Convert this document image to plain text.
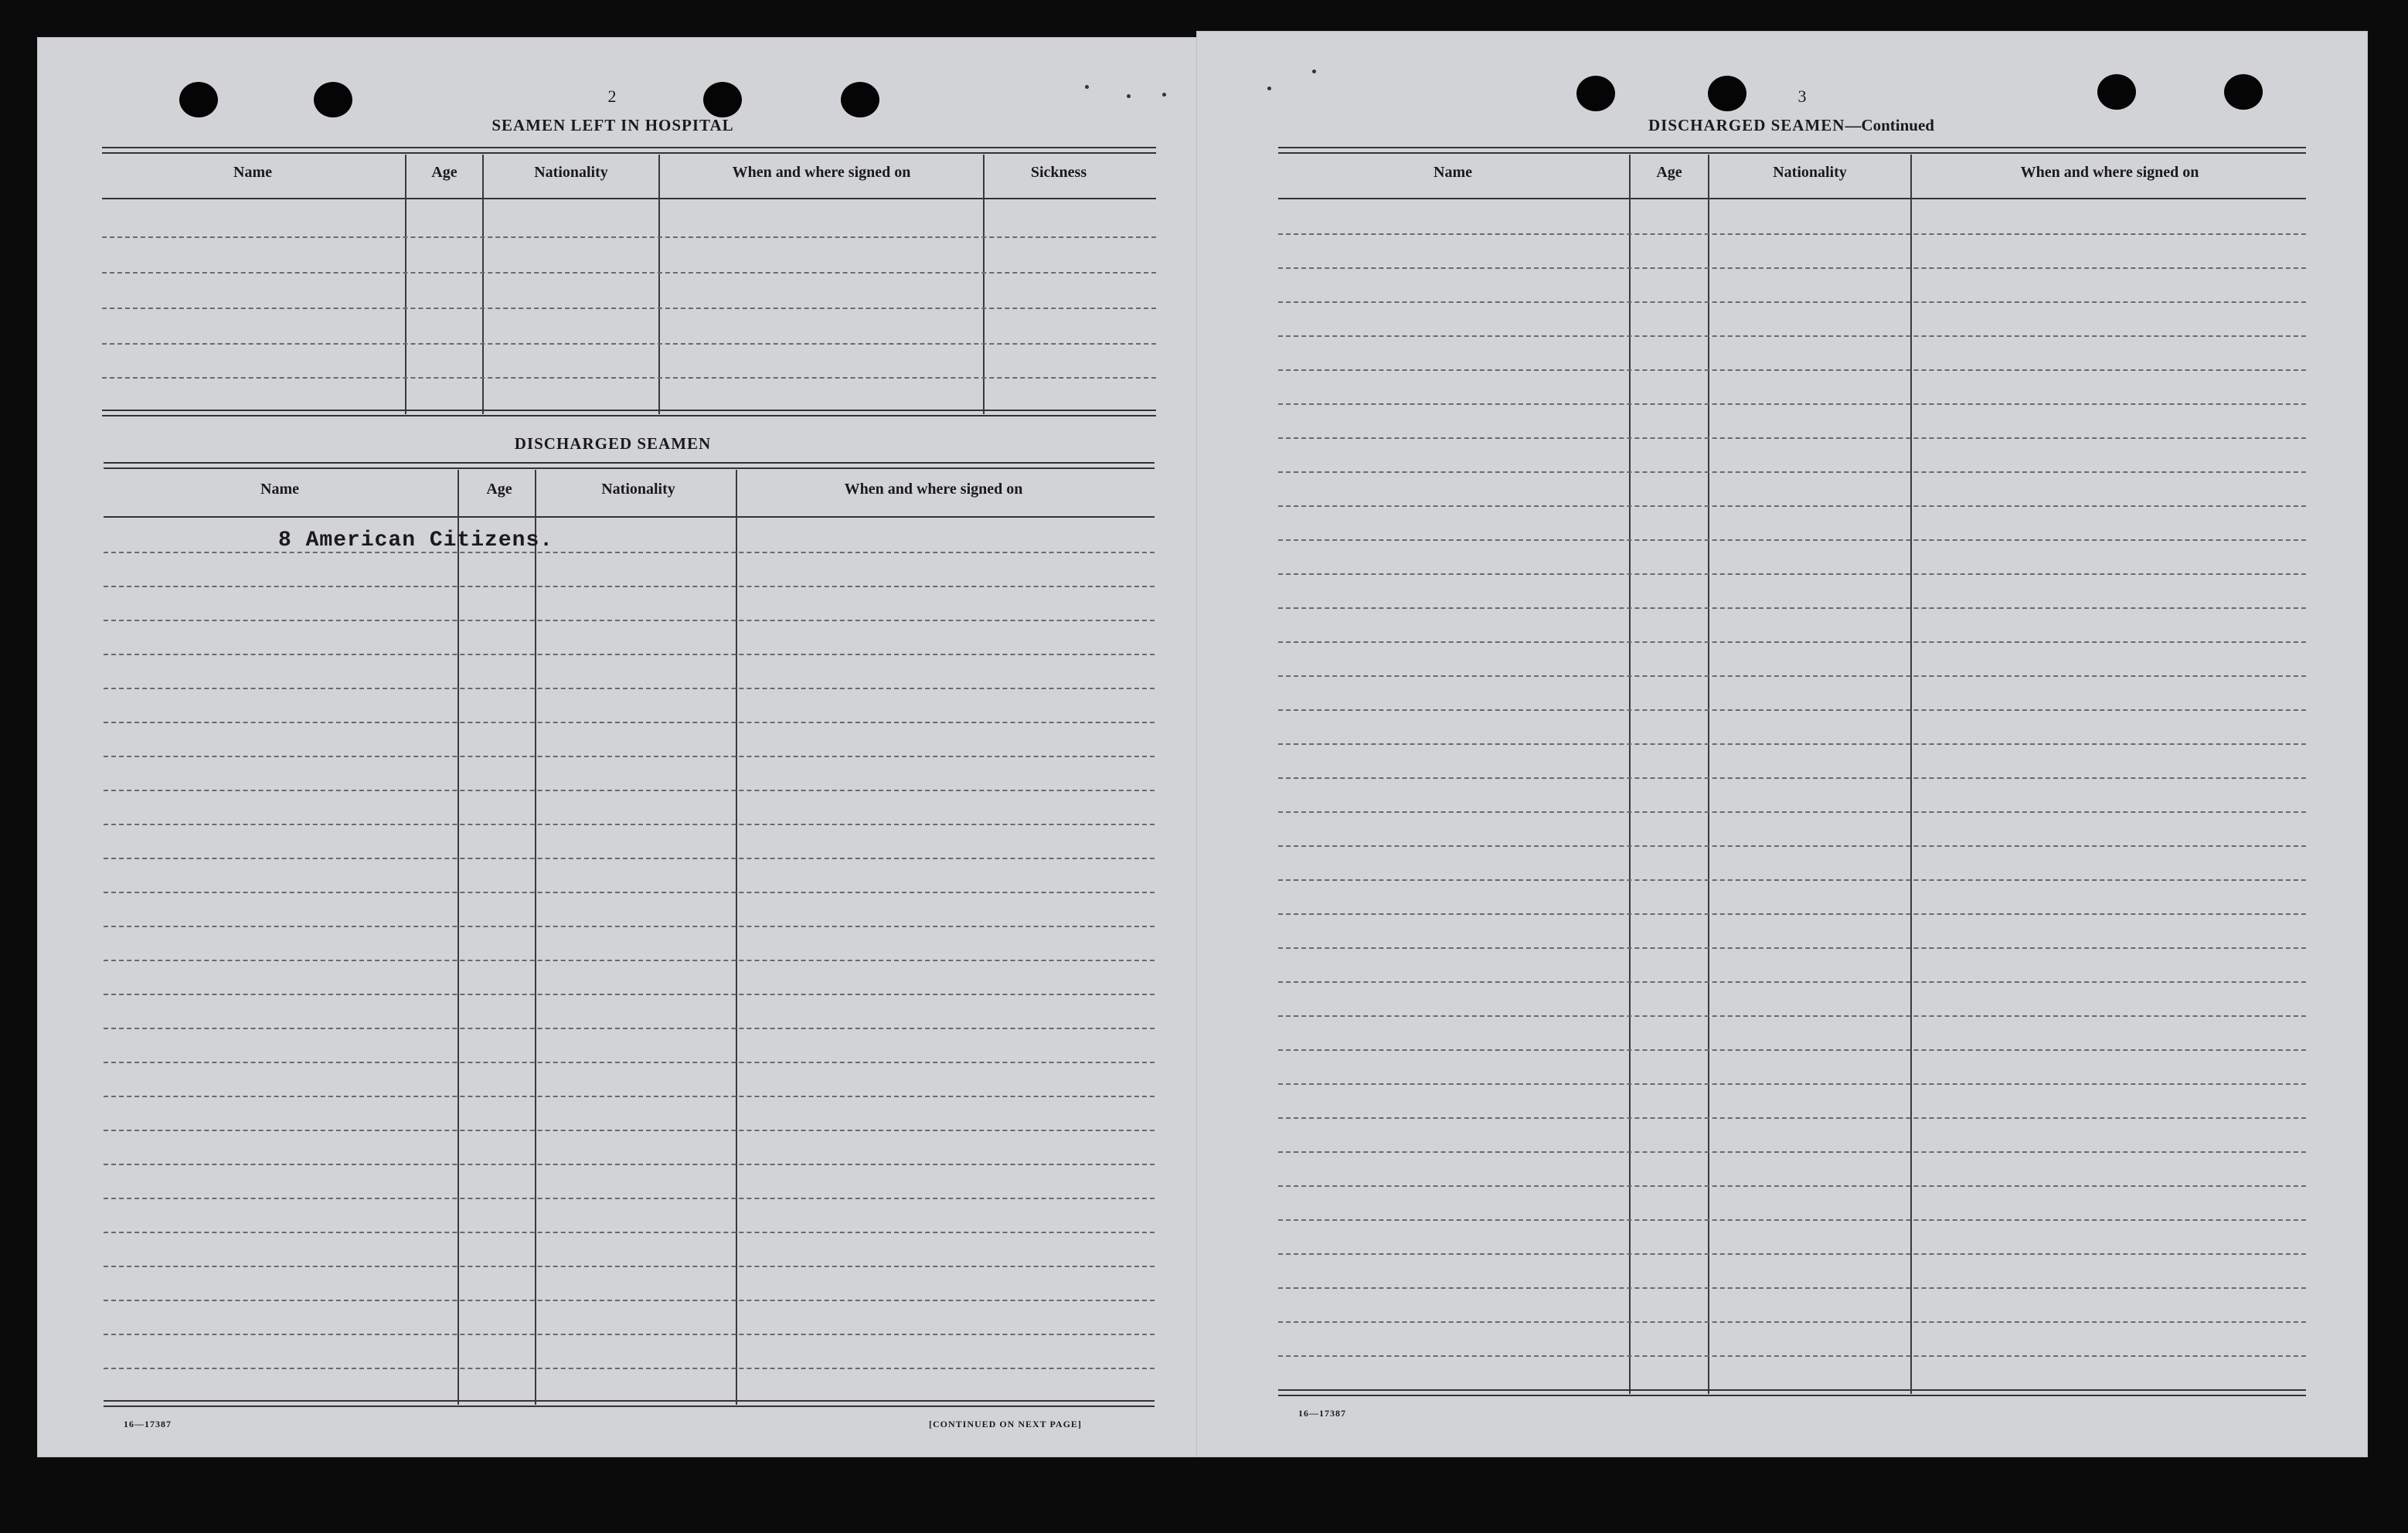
2
SEAMEN LEFT IN HOSPITAL
Name	Age	Nationality	When and where signed on	Sickness
DISCHARGED SEAMEN
Name	Age	Nationality	When and where signed on
8 American Citizens.
16—17387	[CONTINUED ON NEXT PAGE]
3
DISCHARGED SEAMEN—Continued
Name	Age	Nationality	When and where signed on
16—17387
